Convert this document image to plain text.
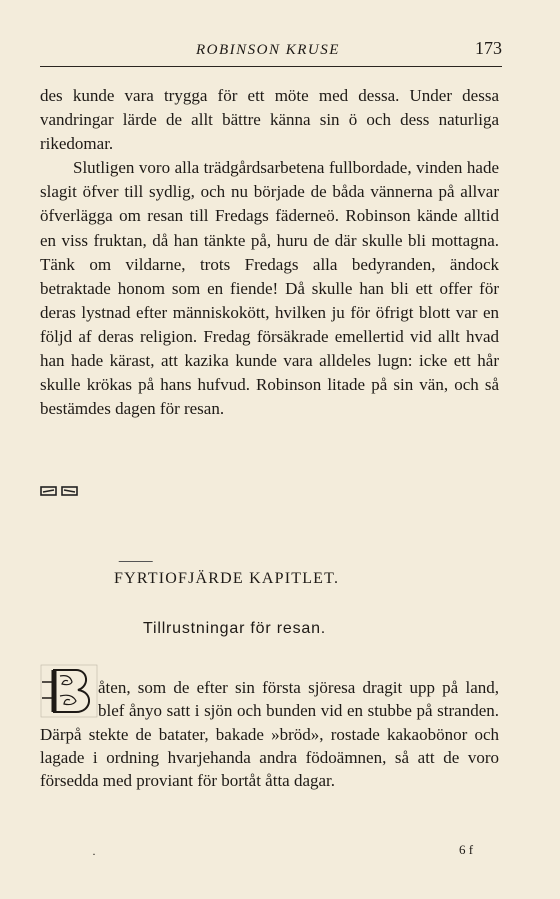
ROBINSON KRUSE	173

des kunde vara trygga för ett möte med dessa. Under dessa vandringar lärde de allt bättre känna sin ö och dess naturliga rikedomar.

Slutligen voro alla trädgårdsarbetena fullbordade, vinden hade slagit öfver till sydlig, och nu började de båda vännerna på allvar öfverlägga om resan till Fredags fäderneö. Robinson kände alltid en viss fruktan, då han tänkte på, huru de där skulle bli mottagna. Tänk om vildarne, trots Fredags alla bedyranden, ändock betraktade honom som en fiende! Då skulle han bli ett offer för deras lystnad efter människokött, hvilken ju för öfrigt blott var en följd af deras religion. Fredag försäkrade emellertid vid allt hvad han hade kärast, att kazika kunde vara alldeles lugn: icke ett hår skulle krökas på hans hufvud. Robinson litade på sin vän, och så bestämdes dagen för resan.

FYRTIOFJÄRDE KAPITLET.
Tillrustningar för resan.

åten, som de efter sin första sjöresa dragit upp på land, blef ånyo satt i sjön och bunden vid en stubbe på stranden. Därpå stekte de batater, bakade »bröd», rostade kakaobönor och lagade i ordning hvarjehanda andra födoämnen, så att de voro försedda med proviant för bortåt åtta dagar.

·	6 f
